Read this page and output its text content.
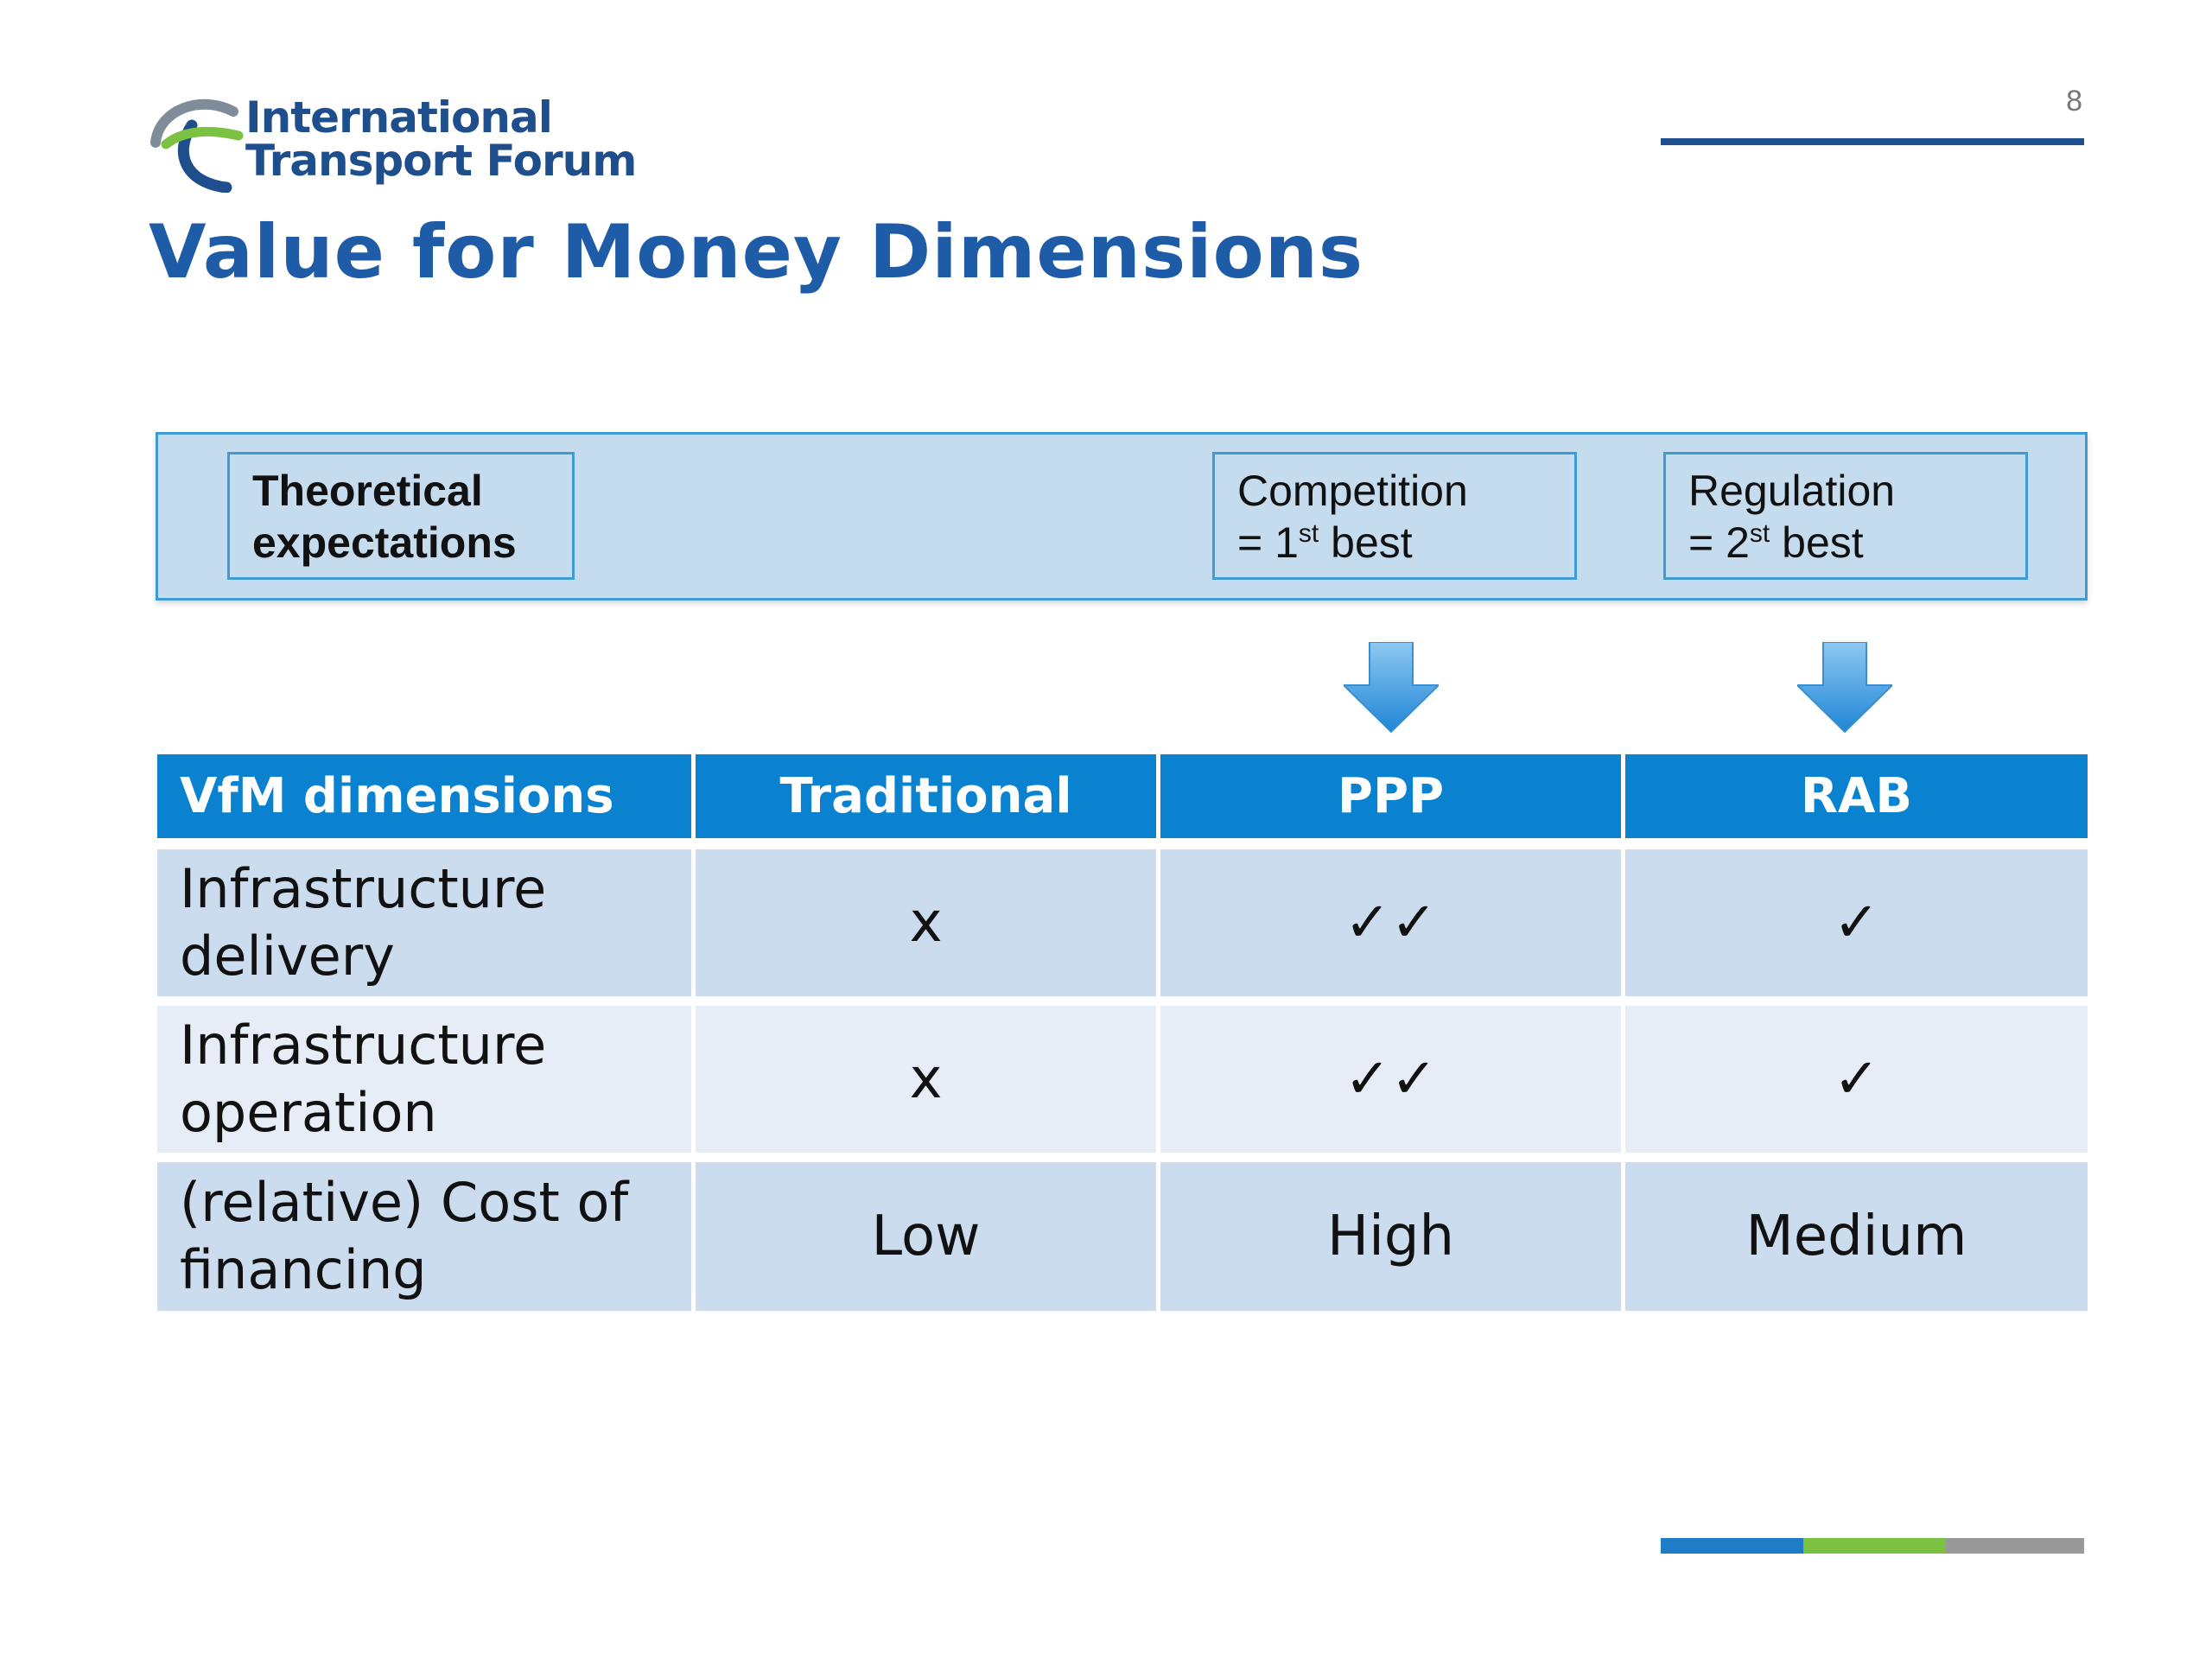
International

Transport Forum

8
Value for Money Dimensions
Theoretical
expectations
Competition
= 1st best
Regulation
= 2st best
VfM dimensions	Traditional	PPP	RAB
Infrastructure
delivery
x	✓✓	✓
Infrastructure
operation
x	✓✓	✓
(relative) Cost of
financing
Low	High	Medium
